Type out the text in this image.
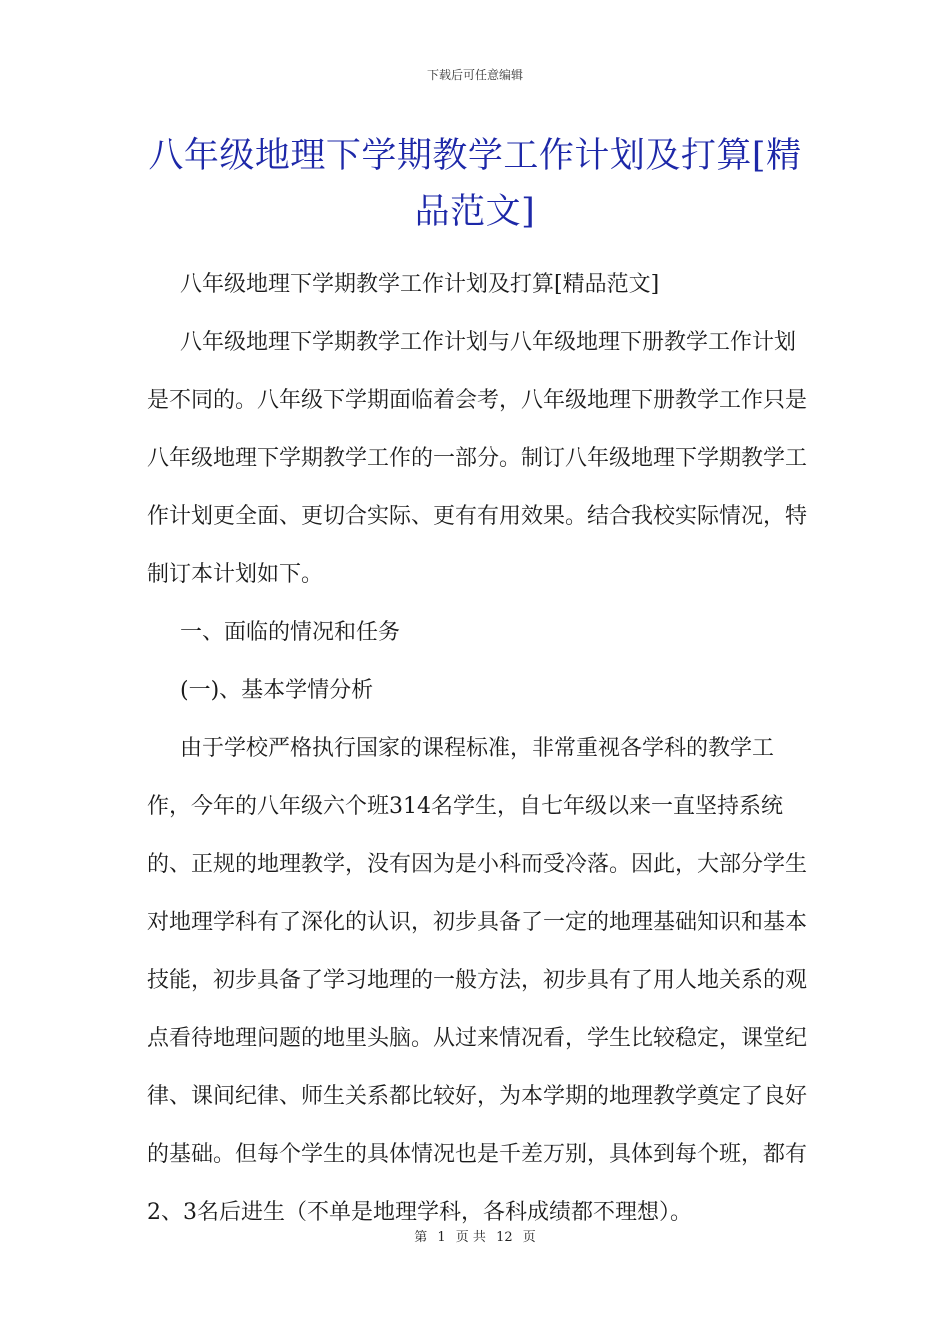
下载后可任意编辑
八年级地理下学期教学工作计划及打算[精品范文]

八年级地理下学期教学工作计划及打算[精品范文]

八年级地理下学期教学工作计划与八年级地理下册教学工作计划是不同的。八年级下学期面临着会考，八年级地理下册教学工作只是八年级地理下学期教学工作的一部分。制订八年级地理下学期教学工作计划更全面、更切合实际、更有有用效果。结合我校实际情况，特制订本计划如下。

一、面临的情况和任务

(一)、基本学情分析

由于学校严格执行国家的课程标准，非常重视各学科的教学工作，今年的八年级六个班314名学生，自七年级以来一直坚持系统的、正规的地理教学，没有因为是小科而受冷落。因此，大部分学生对地理学科有了深化的认识，初步具备了一定的地理基础知识和基本技能，初步具备了学习地理的一般方法，初步具有了用人地关系的观点看待地理问题的地里头脑。从过来情况看，学生比较稳定，课堂纪律、课间纪律、师生关系都比较好，为本学期的地理教学奠定了良好的基础。但每个学生的具体情况也是千差万别，具体到每个班，都有2、3名后进生（不单是地理学科，各科成绩都不理想）。

第 1 页 共 12 页
